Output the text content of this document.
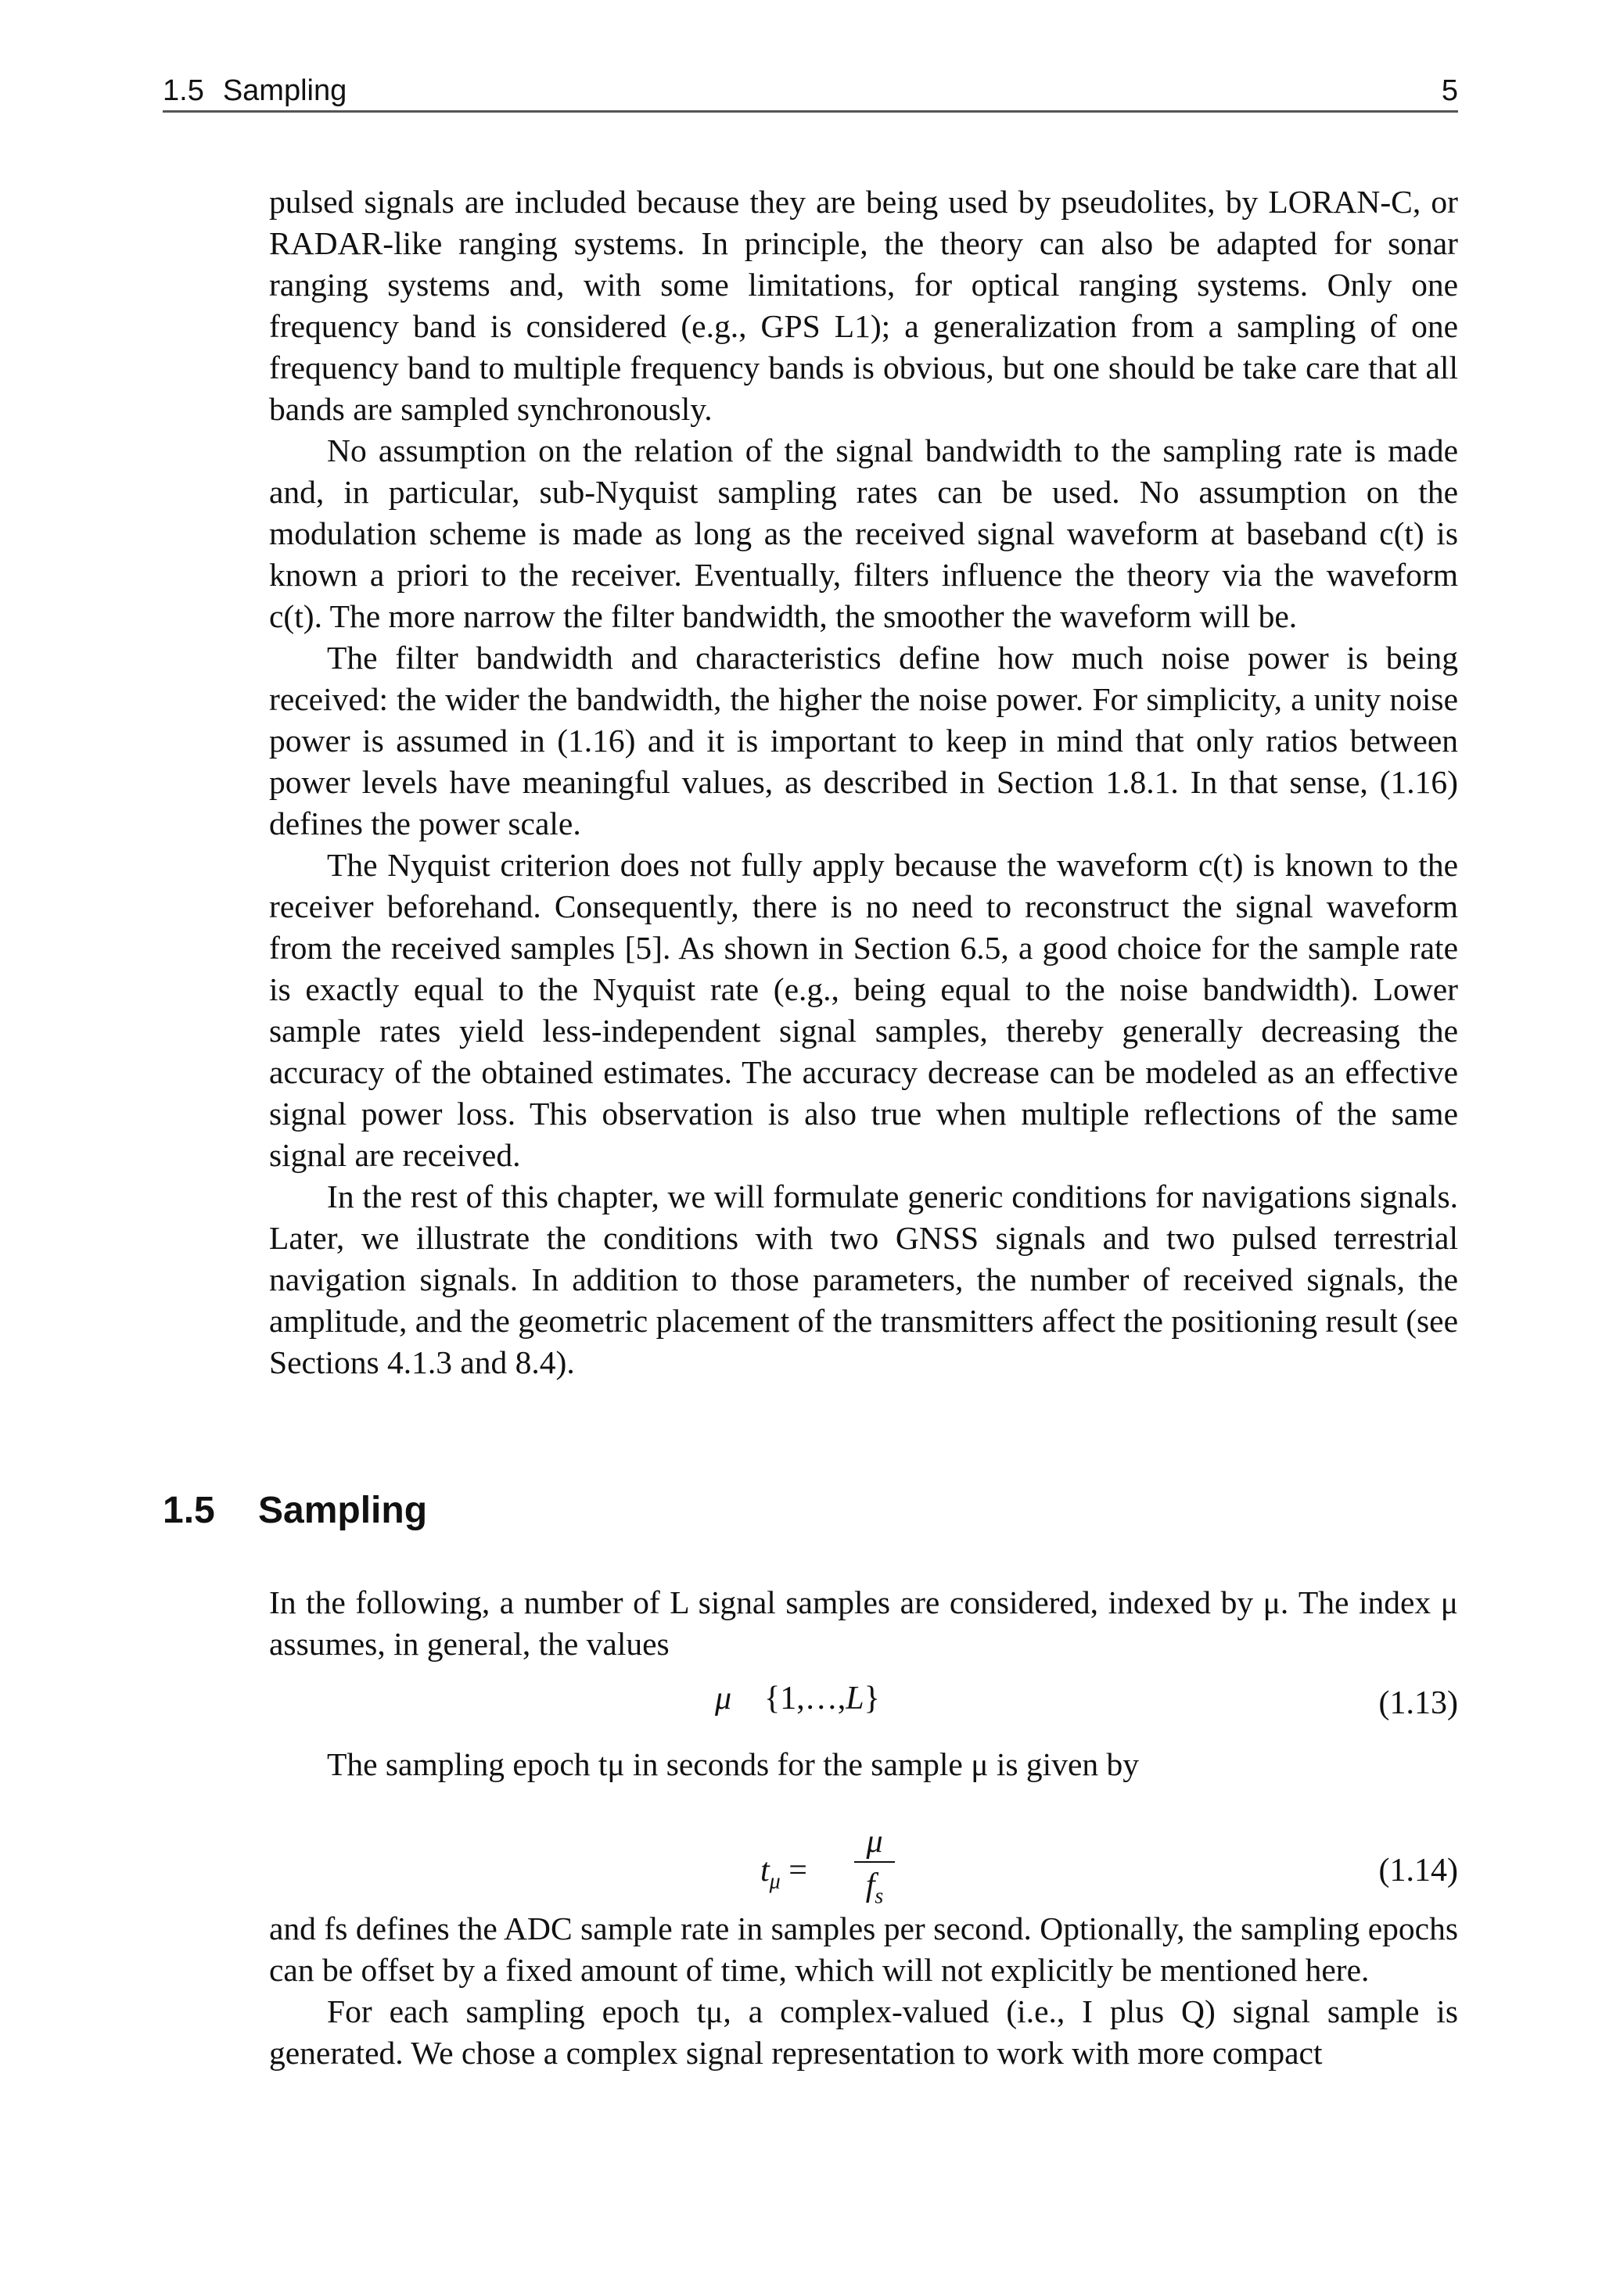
1.5 Sampling	5

pulsed signals are included because they are being used by pseudolites, by LORAN-C, or RADAR-like ranging systems. In principle, the theory can also be adapted for sonar ranging systems and, with some limitations, for optical ranging systems. Only one frequency band is considered (e.g., GPS L1); a generalization from a sampling of one frequency band to multiple frequency bands is obvious, but one should be take care that all bands are sampled synchronously.

No assumption on the relation of the signal bandwidth to the sampling rate is made and, in particular, sub-Nyquist sampling rates can be used. No assumption on the modulation scheme is made as long as the received signal waveform at baseband c(t) is known a priori to the receiver. Eventually, filters influence the theory via the waveform c(t). The more narrow the filter bandwidth, the smoother the waveform will be.

The filter bandwidth and characteristics define how much noise power is being received: the wider the bandwidth, the higher the noise power. For simplicity, a unity noise power is assumed in (1.16) and it is important to keep in mind that only ratios between power levels have meaningful values, as described in Section 1.8.1. In that sense, (1.16) defines the power scale.

The Nyquist criterion does not fully apply because the waveform c(t) is known to the receiver beforehand. Consequently, there is no need to reconstruct the signal waveform from the received samples [5]. As shown in Section 6.5, a good choice for the sample rate is exactly equal to the Nyquist rate (e.g., being equal to the noise bandwidth). Lower sample rates yield less-independent signal samples, thereby generally decreasing the accuracy of the obtained estimates. The accuracy decrease can be modeled as an effective signal power loss. This observation is also true when multiple reflections of the same signal are received.

In the rest of this chapter, we will formulate generic conditions for navigations signals. Later, we illustrate the conditions with two GNSS signals and two pulsed terrestrial navigation signals. In addition to those parameters, the number of received signals, the amplitude, and the geometric placement of the transmitters affect the positioning result (see Sections 4.1.3 and 8.4).

1.5 Sampling

In the following, a number of L signal samples are considered, indexed by μ. The index μ assumes, in general, the values

μ {1,…,L}	(1.13)

The sampling epoch tμ in seconds for the sample μ is given by

$t_\mu = \frac{\mu}{f_s}$	(1.14)

and fs defines the ADC sample rate in samples per second. Optionally, the sampling epochs can be offset by a fixed amount of time, which will not explicitly be mentioned here.

For each sampling epoch tμ, a complex-valued (i.e., I plus Q) signal sample is generated. We chose a complex signal representation to work with more compact
